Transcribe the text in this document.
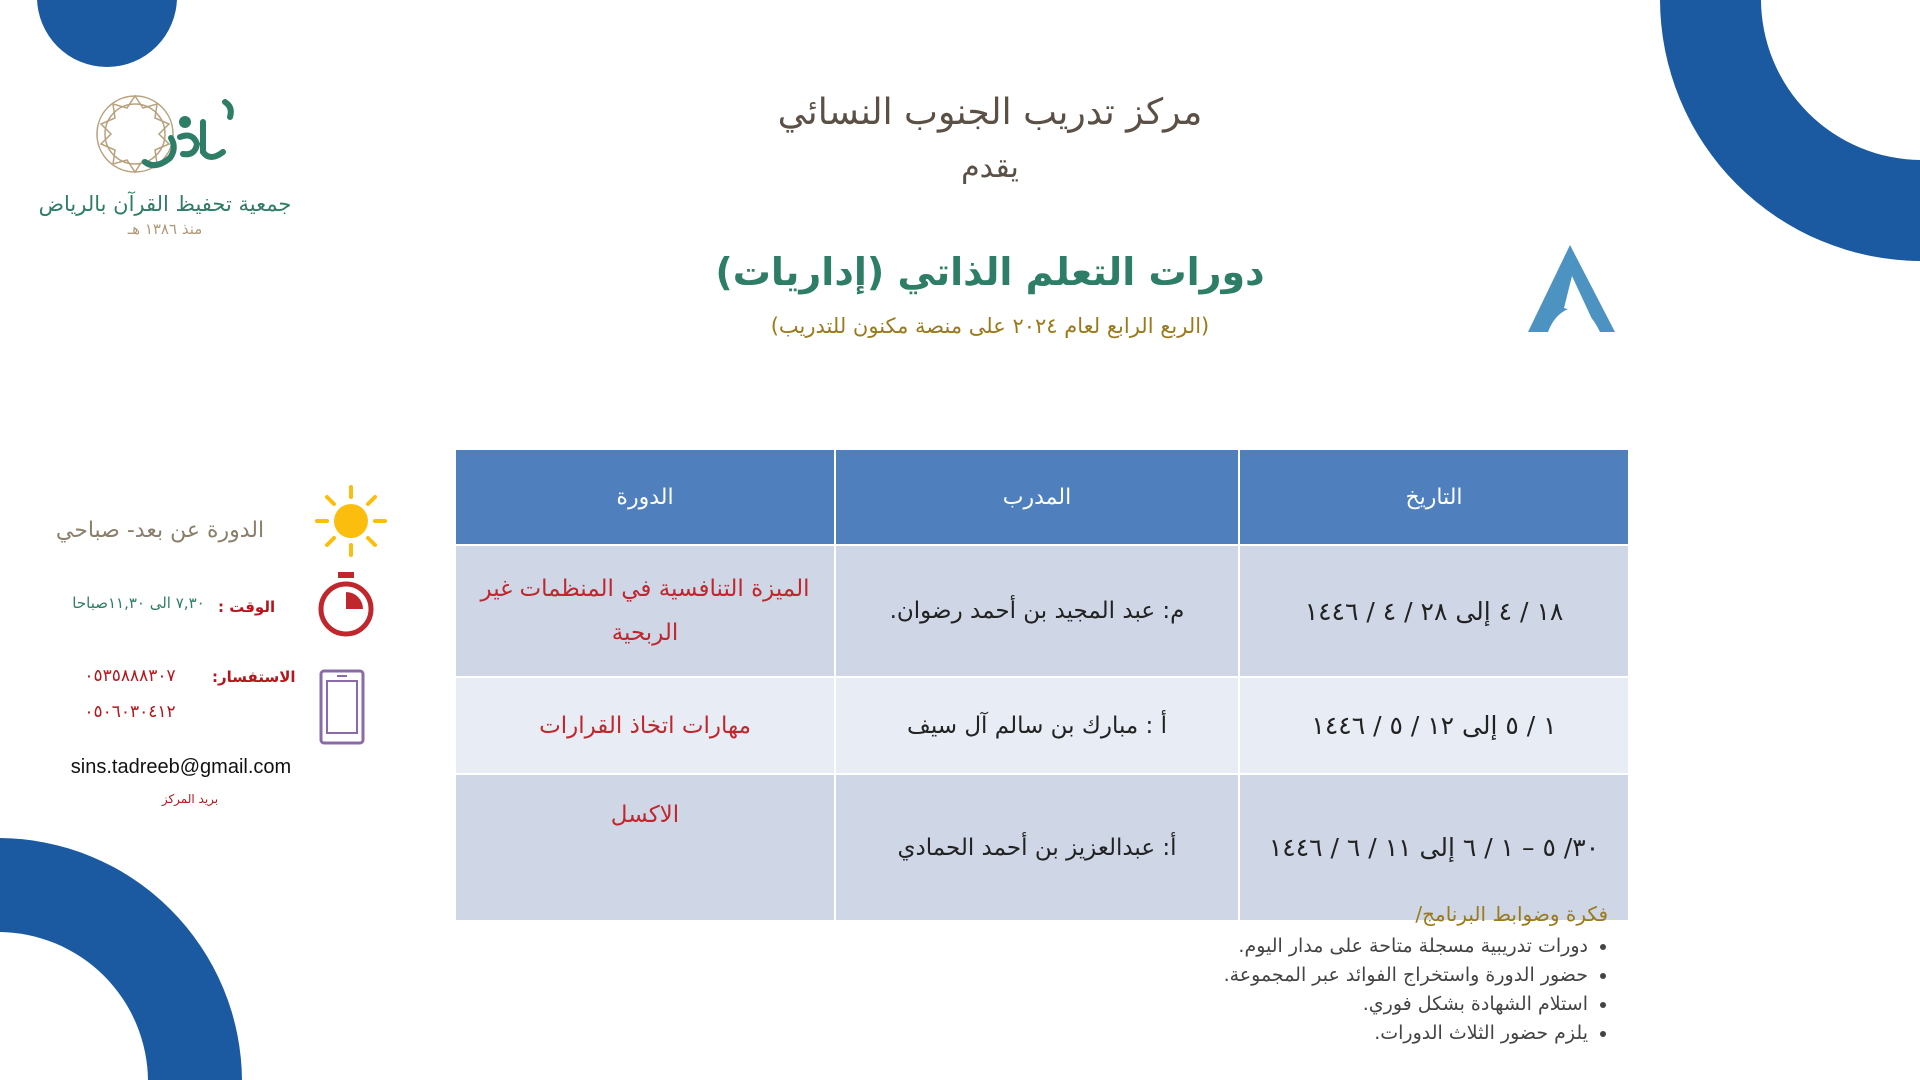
جمعية تحفيظ القرآن بالرياض
منذ ١٣٨٦ هـ
مركز تدريب الجنوب النسائي
يقدم
دورات التعلم الذاتي (إداريات)
(الربع الرابع لعام ٢٠٢٤ على منصة مكنون للتدريب)
التاريخ	المدرب	الدورة
١٨ / ٤ إلى ٢٨ / ٤ / ١٤٤٦	م: عبد المجيد بن أحمد رضوان.	الميزة التنافسية في المنظمات غير الربحية
١ / ٥ إلى ١٢ / ٥ / ١٤٤٦	أ : مبارك بن سالم آل سيف	مهارات اتخاذ القرارات
٣٠/ ٥ – ١ / ٦ إلى ١١ / ٦ / ١٤٤٦	أ: عبدالعزيز بن أحمد الحمادي	الاكسل
الدورة عن بعد- صباحي
الوقت :
٧,٣٠ الى ١١,٣٠صباحا
الاستفسار:
٠٥٣٥٨٨٨٣٠٧
٠٥٠٦٠٣٠٤١٢
sins.tadreeb@gmail.com
بريد المركز
فكرة وضوابط البرنامج/
• دورات تدريبية مسجلة متاحة على مدار اليوم.
• حضور الدورة واستخراج الفوائد عبر المجموعة.
• استلام الشهادة بشكل فوري.
• يلزم حضور الثلاث الدورات.
